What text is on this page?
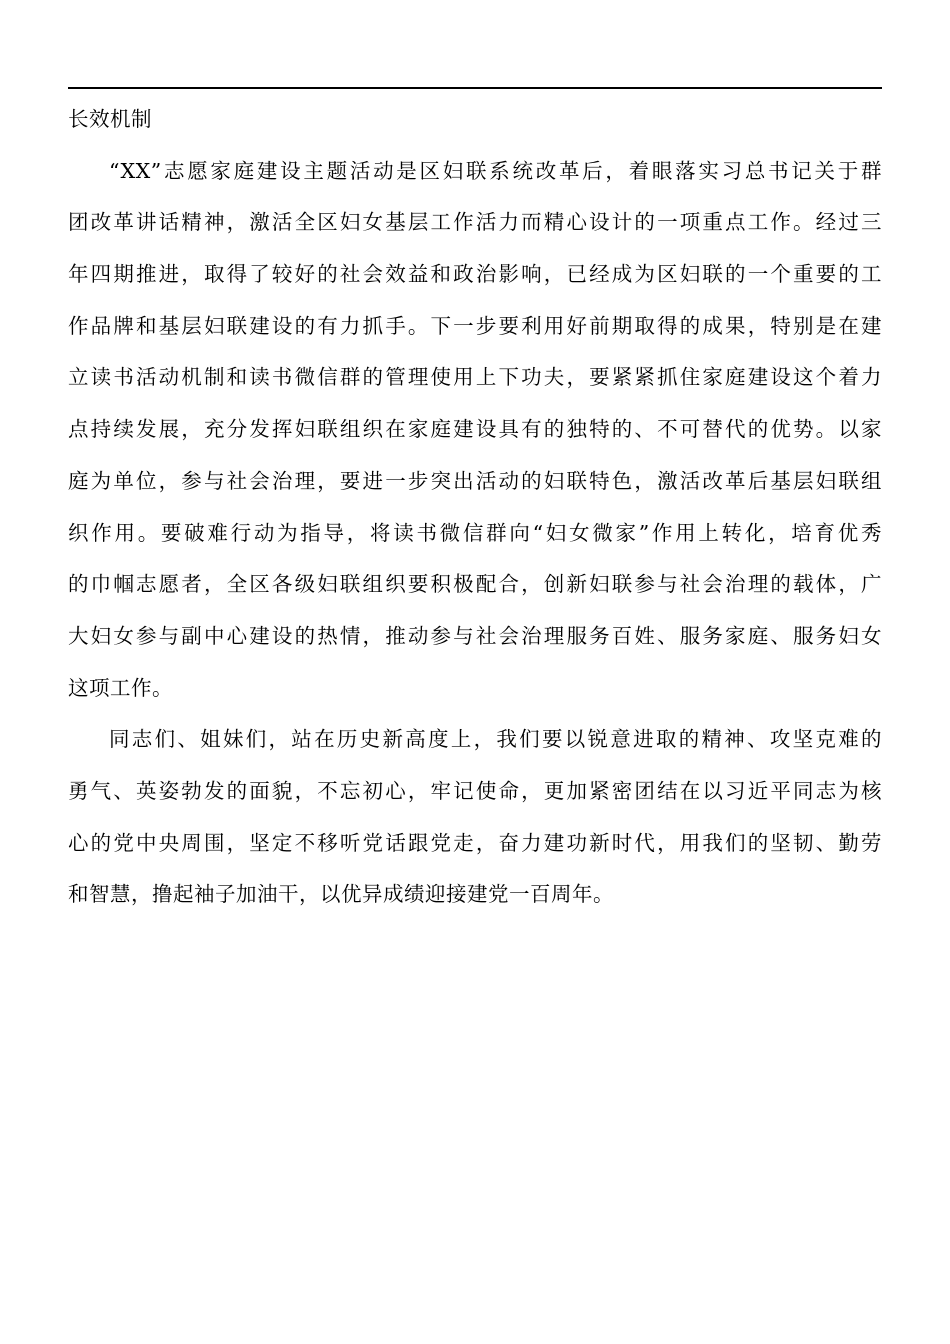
长效机制
“XX”志愿家庭建设主题活动是区妇联系统改革后，着眼落实习总书记关于群
团改革讲话精神，激活全区妇女基层工作活力而精心设计的一项重点工作。经过三
年四期推进，取得了较好的社会效益和政治影响，已经成为区妇联的一个重要的工
作品牌和基层妇联建设的有力抓手。下一步要利用好前期取得的成果，特别是在建
立读书活动机制和读书微信群的管理使用上下功夫，要紧紧抓住家庭建设这个着力
点持续发展，充分发挥妇联组织在家庭建设具有的独特的、不可替代的优势。以家
庭为单位，参与社会治理，要进一步突出活动的妇联特色，激活改革后基层妇联组
织作用。要破难行动为指导，将读书微信群向“妇女微家”作用上转化，培育优秀
的巾帼志愿者，全区各级妇联组织要积极配合，创新妇联参与社会治理的载体，广
大妇女参与副中心建设的热情，推动参与社会治理服务百姓、服务家庭、服务妇女
这项工作。
同志们、姐妹们，站在历史新高度上，我们要以锐意进取的精神、攻坚克难的
勇气、英姿勃发的面貌，不忘初心，牢记使命，更加紧密团结在以习近平同志为核
心的党中央周围，坚定不移听党话跟党走，奋力建功新时代，用我们的坚韧、勤劳
和智慧，撸起袖子加油干，以优异成绩迎接建党一百周年。
